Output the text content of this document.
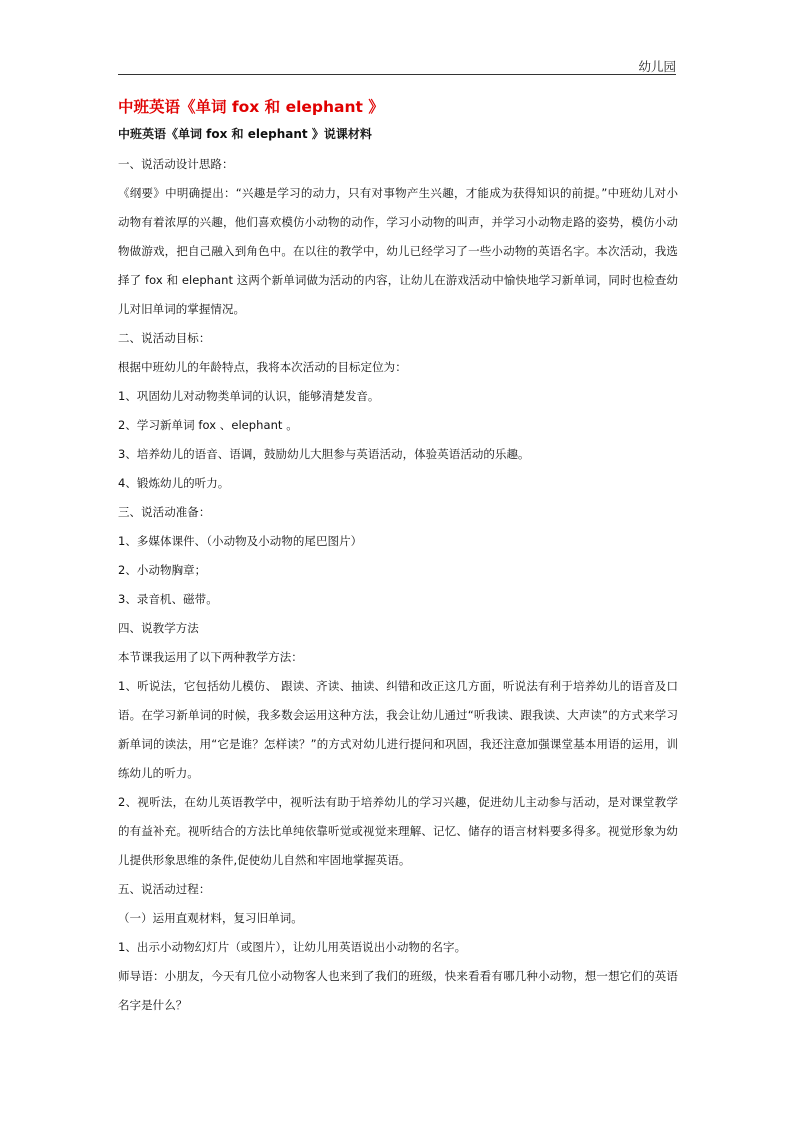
幼儿园
中班英语《单词 fox 和 elephant 》
中班英语《单词 fox 和 elephant 》说课材料

一、说活动设计思路：

《纲要》中明确提出：“兴趣是学习的动力，只有对事物产生兴趣，才能成为获得知识的前提。”中班幼儿对小动物有着浓厚的兴趣，他们喜欢模仿小动物的动作，学习小动物的叫声，并学习小动物走路的姿势，模仿小动物做游戏，把自己融入到角色中。在以往的教学中，幼儿已经学习了一些小动物的英语名字。本次活动，我选择了 fox 和 elephant 这两个新单词做为活动的内容，让幼儿在游戏活动中愉快地学习新单词，同时也检查幼儿对旧单词的掌握情况。

二、说活动目标：

根据中班幼儿的年龄特点，我将本次活动的目标定位为：

1、巩固幼儿对动物类单词的认识，能够清楚发音。

2、学习新单词 fox 、elephant 。

3、培养幼儿的语音、语调，鼓励幼儿大胆参与英语活动，体验英语活动的乐趣。

4、锻炼幼儿的听力。

三、说活动准备：

1、多媒体课件、（小动物及小动物的尾巴图片）

2、小动物胸章；

3、录音机、磁带。

四、说教学方法

本节课我运用了以下两种教学方法：

1、听说法，它包括幼儿模仿、 跟读、齐读、抽读、纠错和改正这几方面，听说法有利于培养幼儿的语音及口语。在学习新单词的时候，我多数会运用这种方法，我会让幼儿通过“听我读、跟我读、大声读”的方式来学习新单词的读法，用“它是谁？怎样读？”的方式对幼儿进行提问和巩固，我还注意加强课堂基本用语的运用，训练幼儿的听力。

2、视听法，在幼儿英语教学中，视听法有助于培养幼儿的学习兴趣，促进幼儿主动参与活动，是对课堂教学的有益补充。视听结合的方法比单纯依靠听觉或视觉来理解、记忆、储存的语言材料要多得多。视觉形象为幼儿提供形象思维的条件,促使幼儿自然和牢固地掌握英语。

五、说活动过程：

（一）运用直观材料，复习旧单词。

1、出示小动物幻灯片（或图片），让幼儿用英语说出小动物的名字。

师导语：小朋友，今天有几位小动物客人也来到了我们的班级，快来看看有哪几种小动物，想一想它们的英语名字是什么？
